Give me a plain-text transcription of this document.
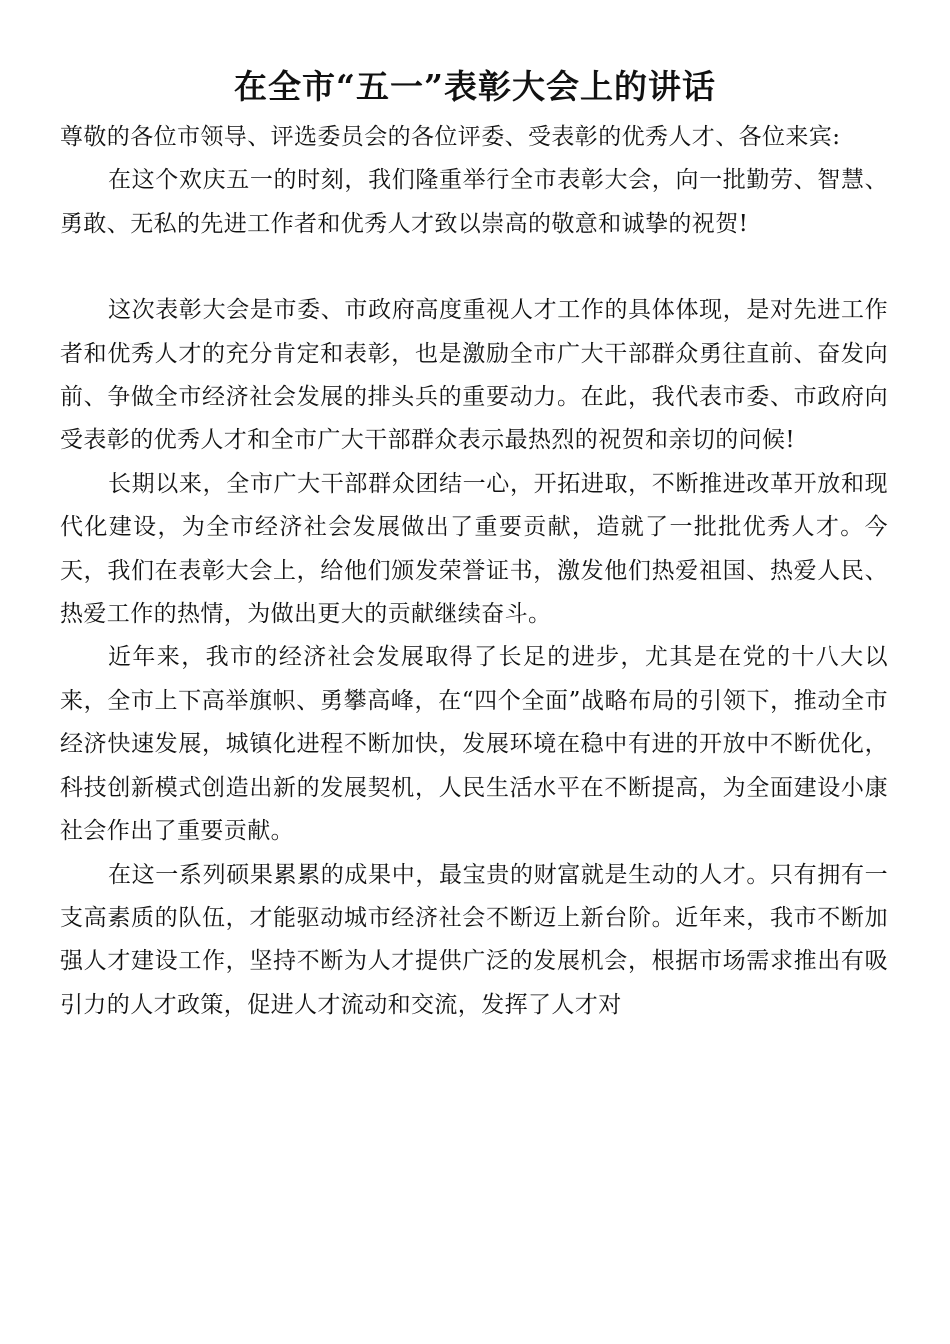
在全市“五一”表彰大会上的讲话

尊敬的各位市领导、评选委员会的各位评委、受表彰的优秀人才、各位来宾:

在这个欢庆五一的时刻，我们隆重举行全市表彰大会，向一批勤劳、智慧、勇敢、无私的先进工作者和优秀人才致以崇高的敬意和诚挚的祝贺!

这次表彰大会是市委、市政府高度重视人才工作的具体体现，是对先进工作者和优秀人才的充分肯定和表彰，也是激励全市广大干部群众勇往直前、奋发向前、争做全市经济社会发展的排头兵的重要动力。在此，我代表市委、市政府向受表彰的优秀人才和全市广大干部群众表示最热烈的祝贺和亲切的问候!

长期以来，全市广大干部群众团结一心，开拓进取，不断推进改革开放和现代化建设，为全市经济社会发展做出了重要贡献，造就了一批批优秀人才。今天，我们在表彰大会上，给他们颁发荣誉证书，激发他们热爱祖国、热爱人民、热爱工作的热情，为做出更大的贡献继续奋斗。

近年来，我市的经济社会发展取得了长足的进步，尤其是在党的十八大以来，全市上下高举旗帜、勇攀高峰，在“四个全面”战略布局的引领下，推动全市经济快速发展，城镇化进程不断加快，发展环境在稳中有进的开放中不断优化，科技创新模式创造出新的发展契机，人民生活水平在不断提高，为全面建设小康社会作出了重要贡献。

在这一系列硕果累累的成果中，最宝贵的财富就是生动的人才。只有拥有一支高素质的队伍，才能驱动城市经济社会不断迈上新台阶。近年来，我市不断加强人才建设工作，坚持不断为人才提供广泛的发展机会，根据市场需求推出有吸引力的人才政策，促进人才流动和交流，发挥了人才对
